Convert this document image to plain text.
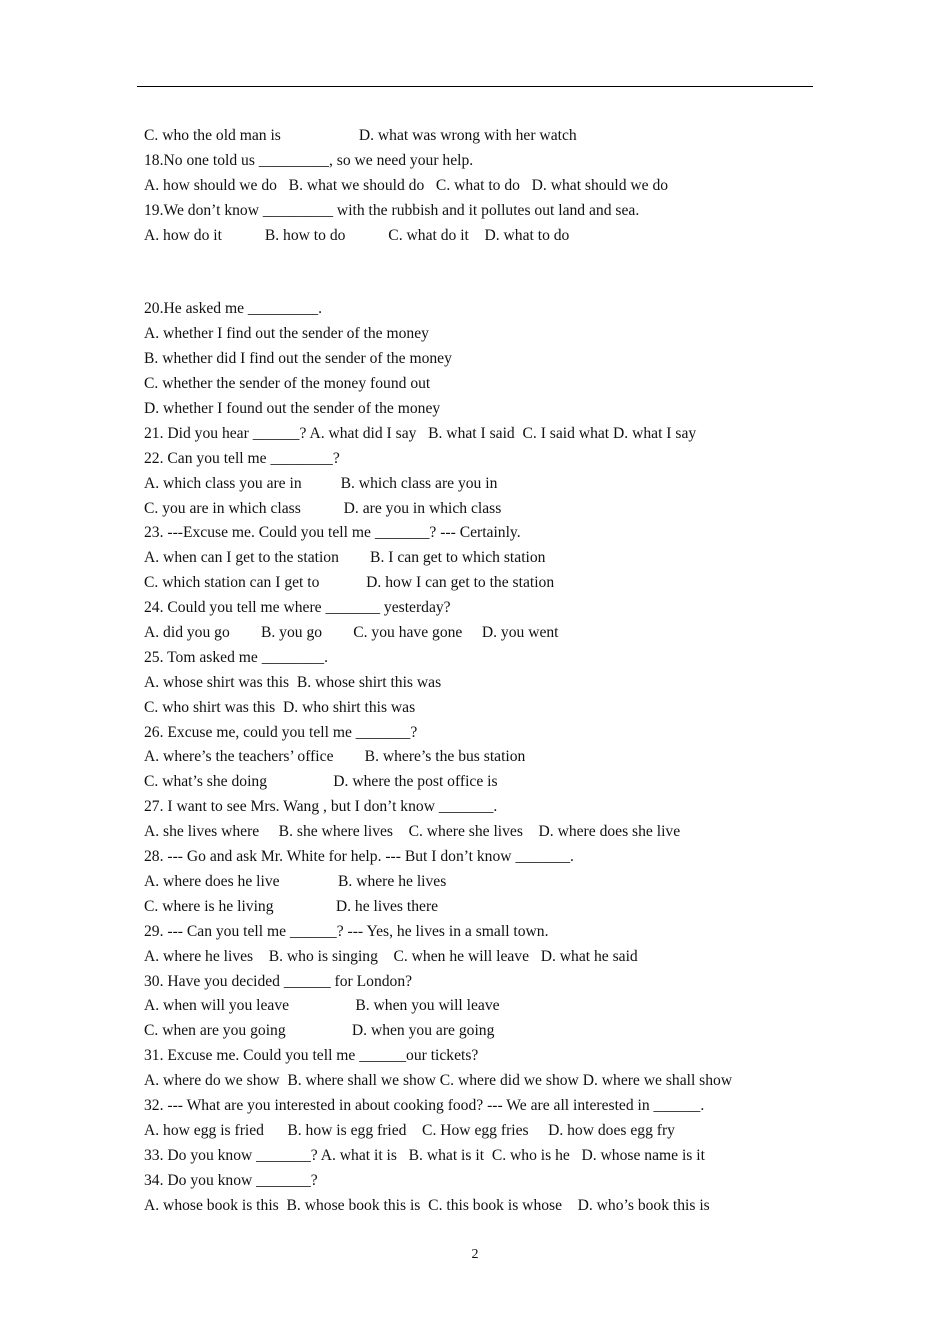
C. who the old man is                    D. what was wrong with her watch
18.No one told us _________, so we need your help.
A. how should we do   B. what we should do   C. what to do   D. what should we do
19.We don’t know _________ with the rubbish and it pollutes out land and sea.
A. how do it           B. how to do           C. what do it    D. what to do
20.He asked me _________.
A. whether I find out the sender of the money
B. whether did I find out the sender of the money
C. whether the sender of the money found out
D. whether I found out the sender of the money
21. Did you hear ______? A. what did I say   B. what I said  C. I said what D. what I say
22. Can you tell me ________?
A. which class you are in          B. which class are you in
C. you are in which class           D. are you in which class
23. ---Excuse me. Could you tell me _______? --- Certainly.
A. when can I get to the station        B. I can get to which station
C. which station can I get to            D. how I can get to the station
24. Could you tell me where _______ yesterday?
A. did you go        B. you go        C. you have gone     D. you went
25. Tom asked me ________.
A. whose shirt was this  B. whose shirt this was
C. who shirt was this  D. who shirt this was
26. Excuse me, could you tell me _______?
A. where’s the teachers’ office        B. where’s the bus station
C. what’s she doing                 D. where the post office is
27. I want to see Mrs. Wang , but I don’t know _______.
A. she lives where     B. she where lives    C. where she lives    D. where does she live
28. --- Go and ask Mr. White for help. --- But I don’t know _______.
A. where does he live               B. where he lives
C. where is he living                D. he lives there
29. --- Can you tell me ______? --- Yes, he lives in a small town.
A. where he lives    B. who is singing    C. when he will leave   D. what he said
30. Have you decided ______ for London?
A. when will you leave                 B. when you will leave
C. when are you going                 D. when you are going
31. Excuse me. Could you tell me ______our tickets?
A. where do we show  B. where shall we show C. where did we show D. where we shall show
32. --- What are you interested in about cooking food? --- We are all interested in ______.
A. how egg is fried      B. how is egg fried    C. How egg fries     D. how does egg fry
33. Do you know _______? A. what it is   B. what is it  C. who is he   D. whose name is it
34. Do you know _______?
A. whose book is this  B. whose book this is  C. this book is whose    D. who’s book this is
2
